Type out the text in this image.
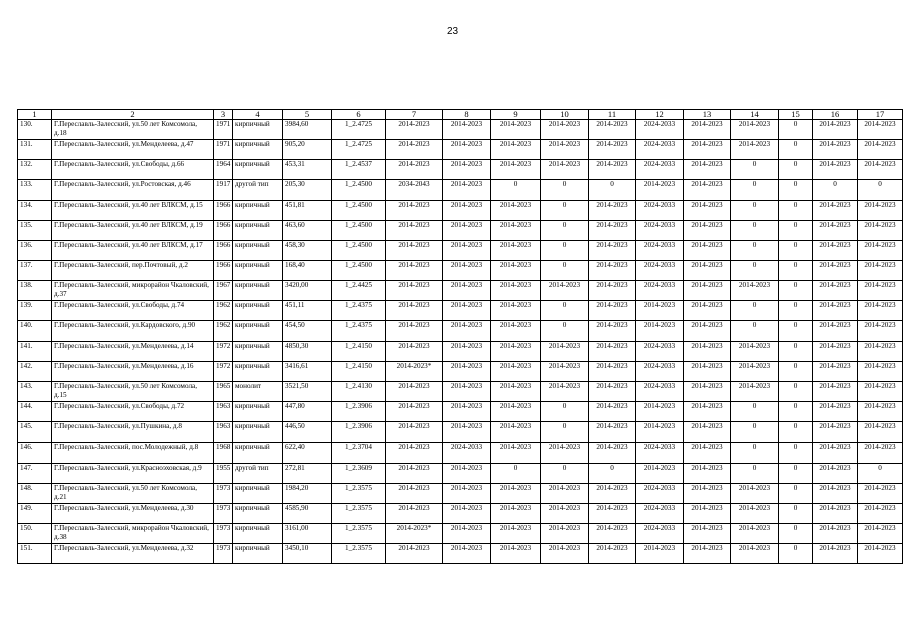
23
1	2	3	4	5	6	7	8	9	10	11	12	13	14	15	16	17
130.	Г.Переславль-Залесский, ул.50 лет Комсомола, д.18	1971	кирпичный	3984,60	1_2.4725	2014-2023	2014-2023	2014-2023	2014-2023	2014-2023	2024-2033	2014-2023	2014-2023	0	2014-2023	2014-2023
131.	Г.Переславль-Залесский, ул.Менделеева, д.47	1971	кирпичный	905,20	1_2.4725	2014-2023	2014-2023	2014-2023	2014-2023	2014-2023	2024-2033	2014-2023	2014-2023	0	2014-2023	2014-2023
132.	Г.Переславль-Залесский, ул.Свободы, д.66	1964	кирпичный	453,31	1_2.4537	2014-2023	2014-2023	2014-2023	2014-2023	2014-2023	2024-2033	2014-2023	0	0	2014-2023	2014-2023
133.	Г.Переславль-Залесский, ул.Ростовская, д.46	1917	другой тип	205,30	1_2.4500	2034-2043	2014-2023	0	0	0	2014-2023	2014-2023	0	0	0	0
134.	Г.Переславль-Залесский, ул.40 лет ВЛКСМ, д.15	1966	кирпичный	451,81	1_2.4500	2014-2023	2014-2023	2014-2023	0	2014-2023	2024-2033	2014-2023	0	0	2014-2023	2014-2023
135.	Г.Переславль-Залесский, ул.40 лет ВЛКСМ, д.19	1966	кирпичный	463,60	1_2.4500	2014-2023	2014-2023	2014-2023	0	2014-2023	2024-2033	2014-2023	0	0	2014-2023	2014-2023
136.	Г.Переславль-Залесский, ул.40 лет ВЛКСМ, д.17	1966	кирпичный	458,30	1_2.4500	2014-2023	2014-2023	2014-2023	0	2014-2023	2024-2033	2014-2023	0	0	2014-2023	2014-2023
137.	Г.Переславль-Залесский, пер.Почтовый, д.2	1966	кирпичный	168,40	1_2.4500	2014-2023	2014-2023	2014-2023	0	2014-2023	2024-2033	2014-2023	0	0	2014-2023	2014-2023
138.	Г.Переславль-Залесский, микрорайон Чкаловский, д.37	1967	кирпичный	3420,00	1_2.4425	2014-2023	2014-2023	2014-2023	2014-2023	2014-2023	2024-2033	2014-2023	2014-2023	0	2014-2023	2014-2023
139.	Г.Переславль-Залесский, ул.Свободы, д.74	1962	кирпичный	451,11	1_2.4375	2014-2023	2014-2023	2014-2023	0	2014-2023	2014-2023	2014-2023	0	0	2014-2023	2014-2023
140.	Г.Переславль-Залесский, ул.Кардовского, д.90	1962	кирпичный	454,50	1_2.4375	2014-2023	2014-2023	2014-2023	0	2014-2023	2014-2023	2014-2023	0	0	2014-2023	2014-2023
141.	Г.Переславль-Залесский, ул.Менделеева, д.14	1972	кирпичный	4850,30	1_2.4150	2014-2023	2014-2023	2014-2023	2014-2023	2014-2023	2024-2033	2014-2023	2014-2023	0	2014-2023	2014-2023
142.	Г.Переславль-Залесский, ул.Менделеева, д.16	1972	кирпичный	3416,61	1_2.4150	2014-2023*	2014-2023	2014-2023	2014-2023	2014-2023	2024-2033	2014-2023	2014-2023	0	2014-2023	2014-2023
143.	Г.Переславль-Залесский, ул.50 лет Комсомола, д.15	1965	монолит	3521,50	1_2.4130	2014-2023	2014-2023	2014-2023	2014-2023	2014-2023	2024-2033	2014-2023	2014-2023	0	2014-2023	2014-2023
144.	Г.Переславль-Залесский, ул.Свободы, д.72	1963	кирпичный	447,80	1_2.3906	2014-2023	2014-2023	2014-2023	0	2014-2023	2014-2023	2014-2023	0	0	2014-2023	2014-2023
145.	Г.Переславль-Залесский, ул.Пушкина, д.8	1963	кирпичный	446,50	1_2.3906	2014-2023	2014-2023	2014-2023	0	2014-2023	2014-2023	2014-2023	0	0	2014-2023	2014-2023
146.	Г.Переславль-Залесский, пос.Молодежный, д.8	1968	кирпичный	622,40	1_2.3704	2014-2023	2024-2033	2014-2023	2014-2023	2014-2023	2024-2033	2014-2023	0	0	2014-2023	2014-2023
147.	Г.Переславль-Залесский, ул.Красноэховская, д.9	1955	другой тип	272,81	1_2.3609	2014-2023	2014-2023	0	0	0	2014-2023	2014-2023	0	0	2014-2023	0
148.	Г.Переславль-Залесский, ул.50 лет Комсомола, д.21	1973	кирпичный	1984,20	1_2.3575	2014-2023	2014-2023	2014-2023	2014-2023	2014-2023	2024-2033	2014-2023	2014-2023	0	2014-2023	2014-2023
149.	Г.Переславль-Залесский, ул.Менделеева, д.30	1973	кирпичный	4585,90	1_2.3575	2014-2023	2014-2023	2014-2023	2014-2023	2014-2023	2024-2033	2014-2023	2014-2023	0	2014-2023	2014-2023
150.	Г.Переславль-Залесский, микрорайон Чкаловский, д.38	1973	кирпичный	3161,00	1_2.3575	2014-2023*	2014-2023	2014-2023	2014-2023	2014-2023	2024-2033	2014-2023	2014-2023	0	2014-2023	2014-2023
151.	Г.Переславль-Залесский, ул.Менделеева, д.32	1973	кирпичный	3450,10	1_2.3575	2014-2023	2014-2023	2014-2023	2014-2023	2014-2023	2014-2023	2014-2023	2014-2023	0	2014-2023	2014-2023
